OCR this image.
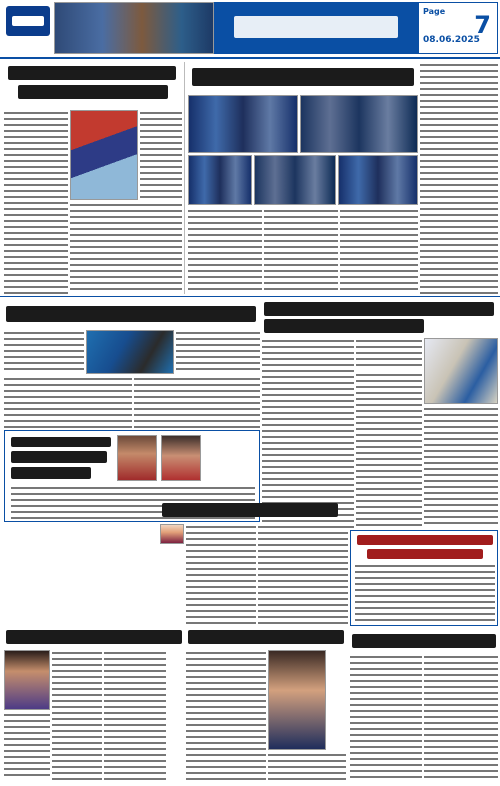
Page 7
08.06.2025
